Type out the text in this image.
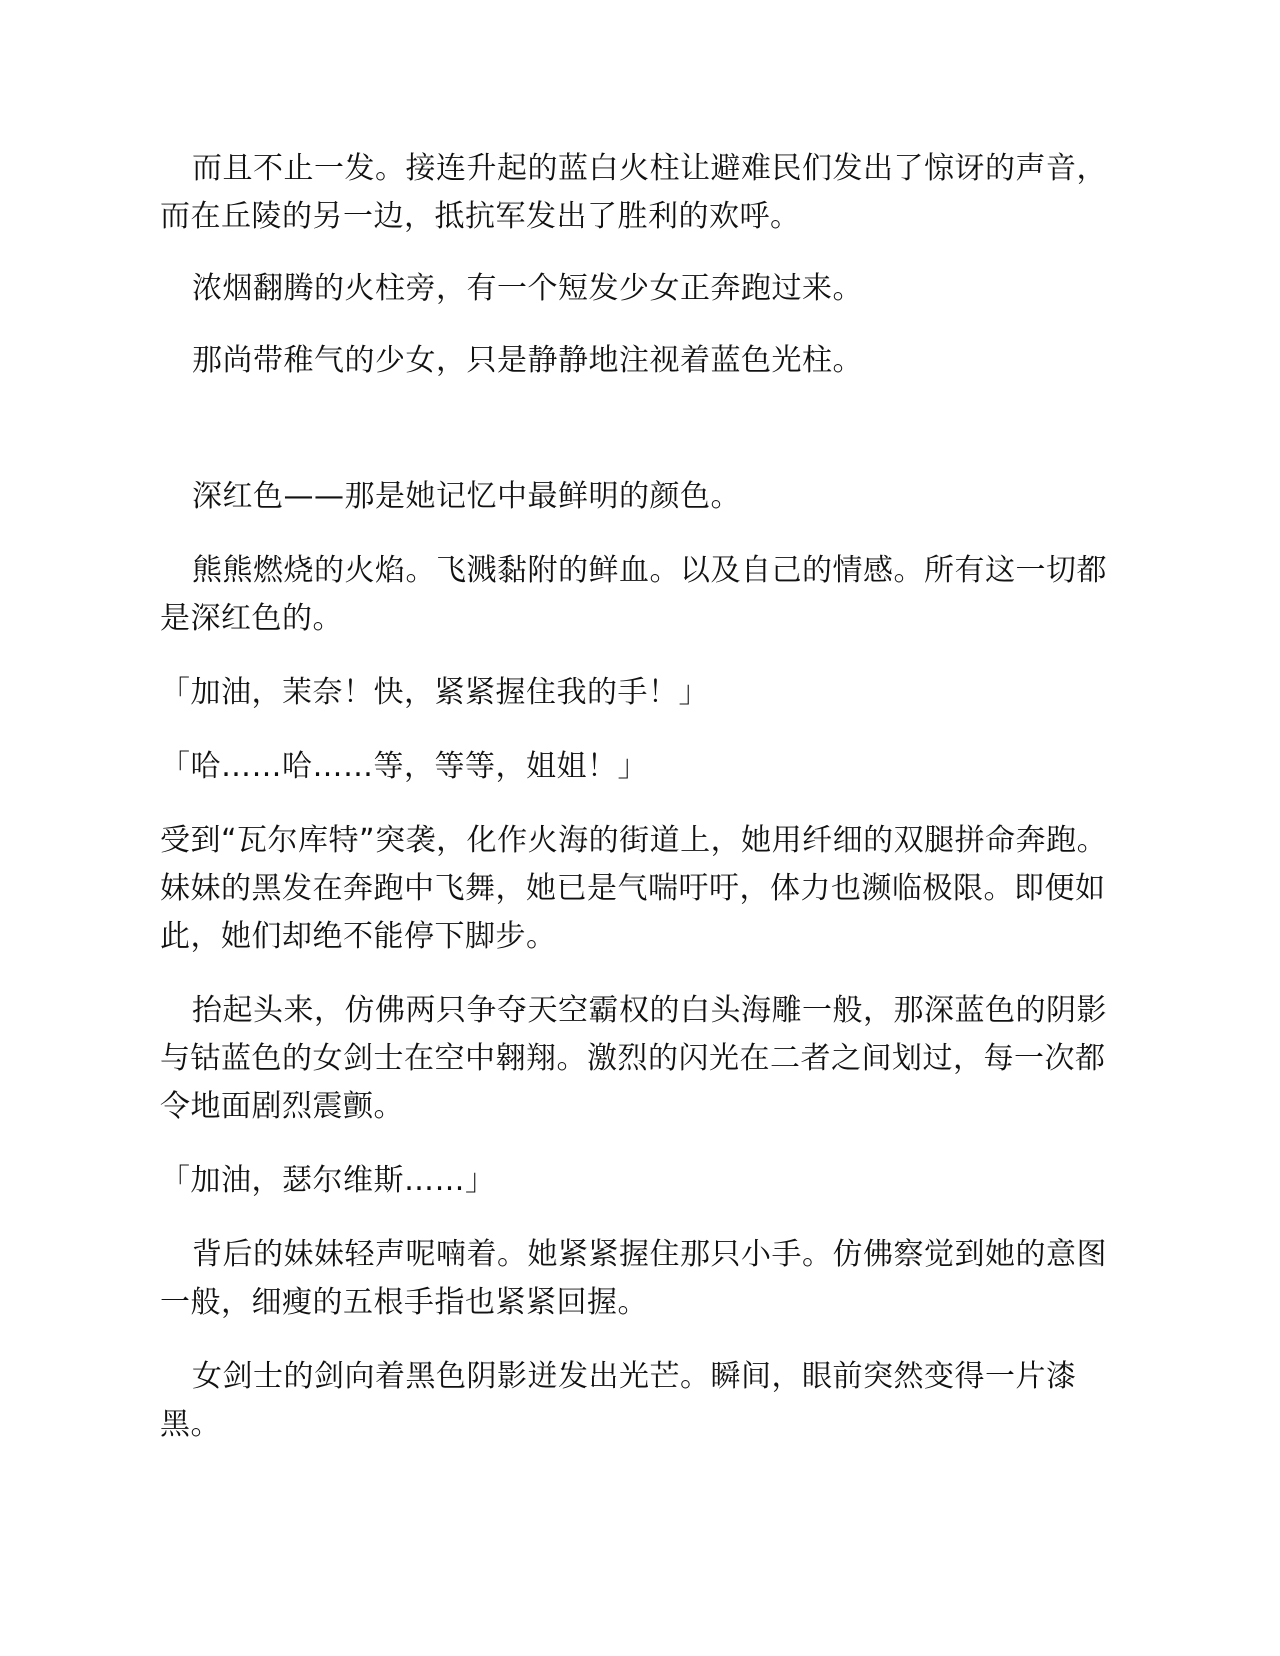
而且不止一发。接连升起的蓝白火柱让避难民们发出了惊讶的声音，而在丘陵的另一边，抵抗军发出了胜利的欢呼。

浓烟翻腾的火柱旁，有一个短发少女正奔跑过来。

那尚带稚气的少女，只是静静地注视着蓝色光柱。

深红色——那是她记忆中最鲜明的颜色。

熊熊燃烧的火焰。飞溅黏附的鲜血。以及自己的情感。所有这一切都是深红色的。

「加油，茉奈！快，紧紧握住我的手！」

「哈……哈……等，等等，姐姐！」

受到“瓦尔库特”突袭，化作火海的街道上，她用纤细的双腿拼命奔跑。妹妹的黑发在奔跑中飞舞，她已是气喘吁吁，体力也濒临极限。即便如此，她们却绝不能停下脚步。

抬起头来，仿佛两只争夺天空霸权的白头海雕一般，那深蓝色的阴影与钴蓝色的女剑士在空中翱翔。激烈的闪光在二者之间划过，每一次都令地面剧烈震颤。

「加油，瑟尔维斯……」

背后的妹妹轻声呢喃着。她紧紧握住那只小手。仿佛察觉到她的意图一般，细瘦的五根手指也紧紧回握。

女剑士的剑向着黑色阴影迸发出光芒。瞬间，眼前突然变得一片漆黑。
